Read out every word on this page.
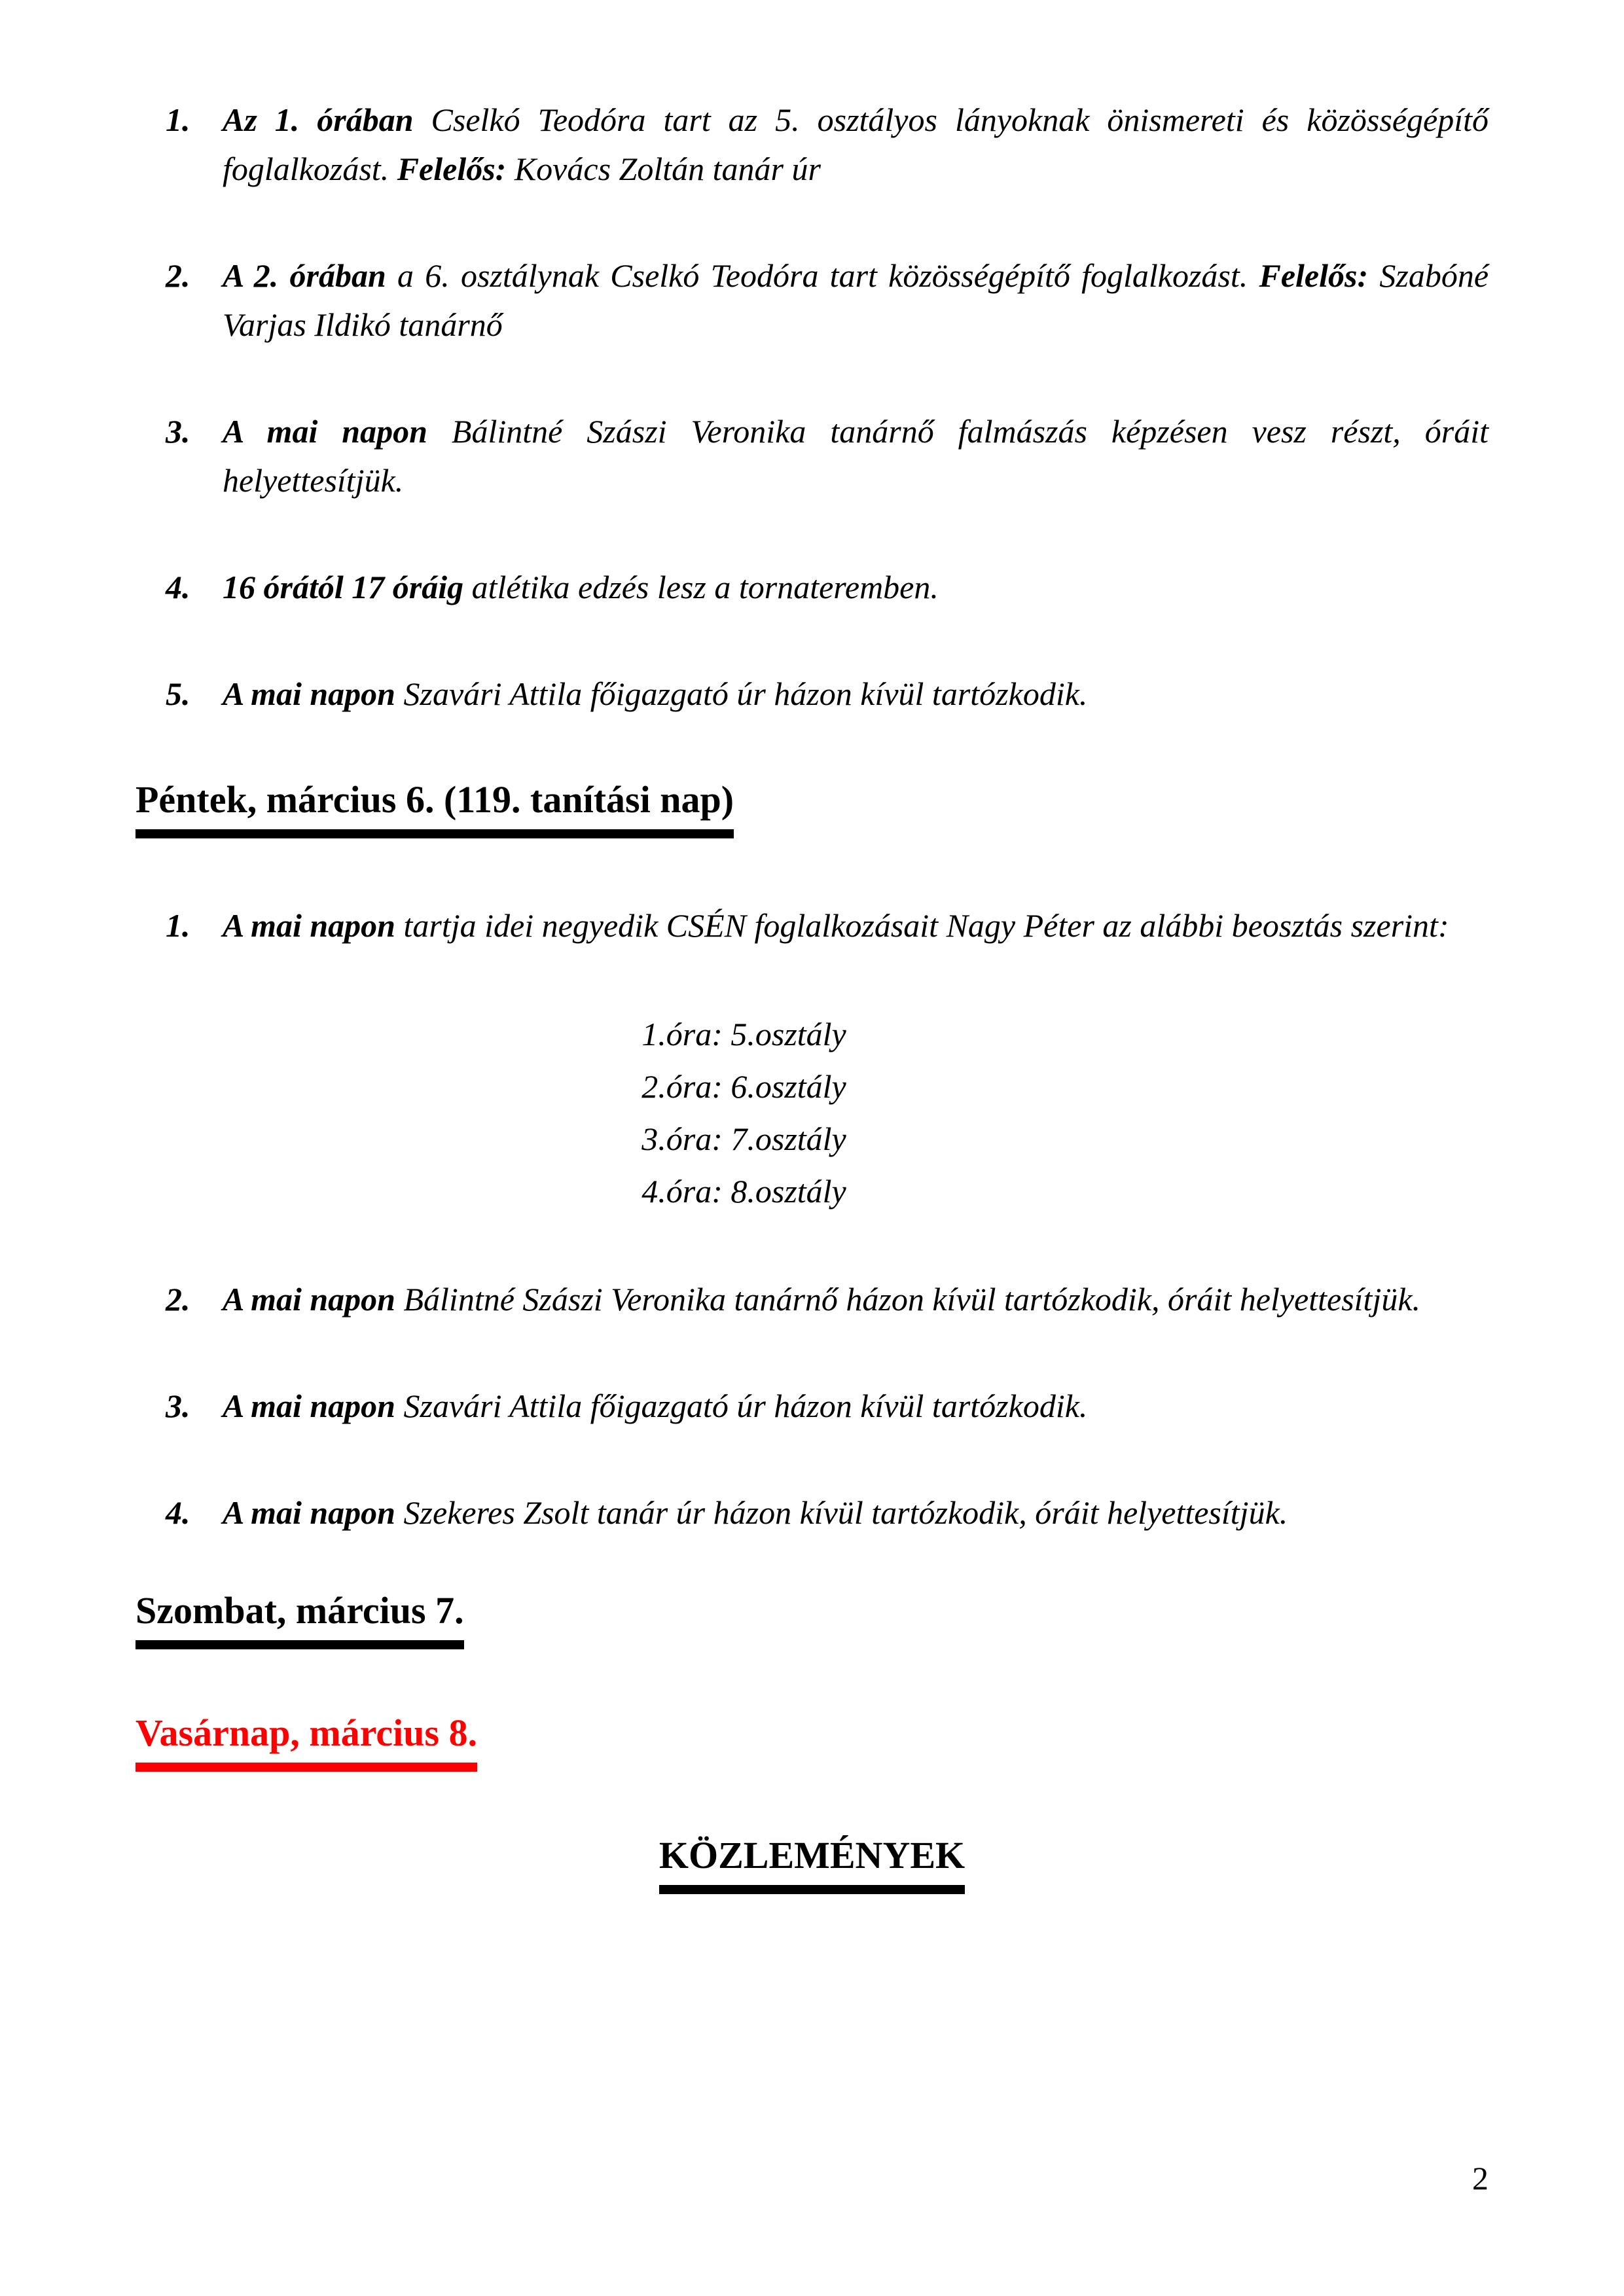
1. Az 1. órában Cselkó Teodóra tart az 5. osztályos lányoknak önismereti és közösségépítő foglalkozást. Felelős: Kovács Zoltán tanár úr
2. A 2. órában a 6. osztálynak Cselkó Teodóra tart közösségépítő foglalkozást. Felelős: Szabóné Varjas Ildikó tanárnő
3. A mai napon Bálintné Szászi Veronika tanárnő falmászás képzésen vesz részt, óráit helyettesítjük.
4. 16 órától 17 óráig atlétika edzés lesz a tornateremben.
5. A mai napon Szavári Attila főigazgató úr házon kívül tartózkodik.
Péntek, március 6. (119. tanítási nap)
1. A mai napon tartja idei negyedik CSÉN foglalkozásait Nagy Péter az alábbi beosztás szerint:
1.óra: 5.osztály
2.óra: 6.osztály
3.óra: 7.osztály
4.óra: 8.osztály
2. A mai napon Bálintné Szászi Veronika tanárnő házon kívül tartózkodik, óráit helyettesítjük.
3. A mai napon Szavári Attila főigazgató úr házon kívül tartózkodik.
4. A mai napon Szekeres Zsolt tanár úr házon kívül tartózkodik, óráit helyettesítjük.
Szombat, március 7.
Vasárnap, március 8.
KÖZLEMÉNYEK
2
